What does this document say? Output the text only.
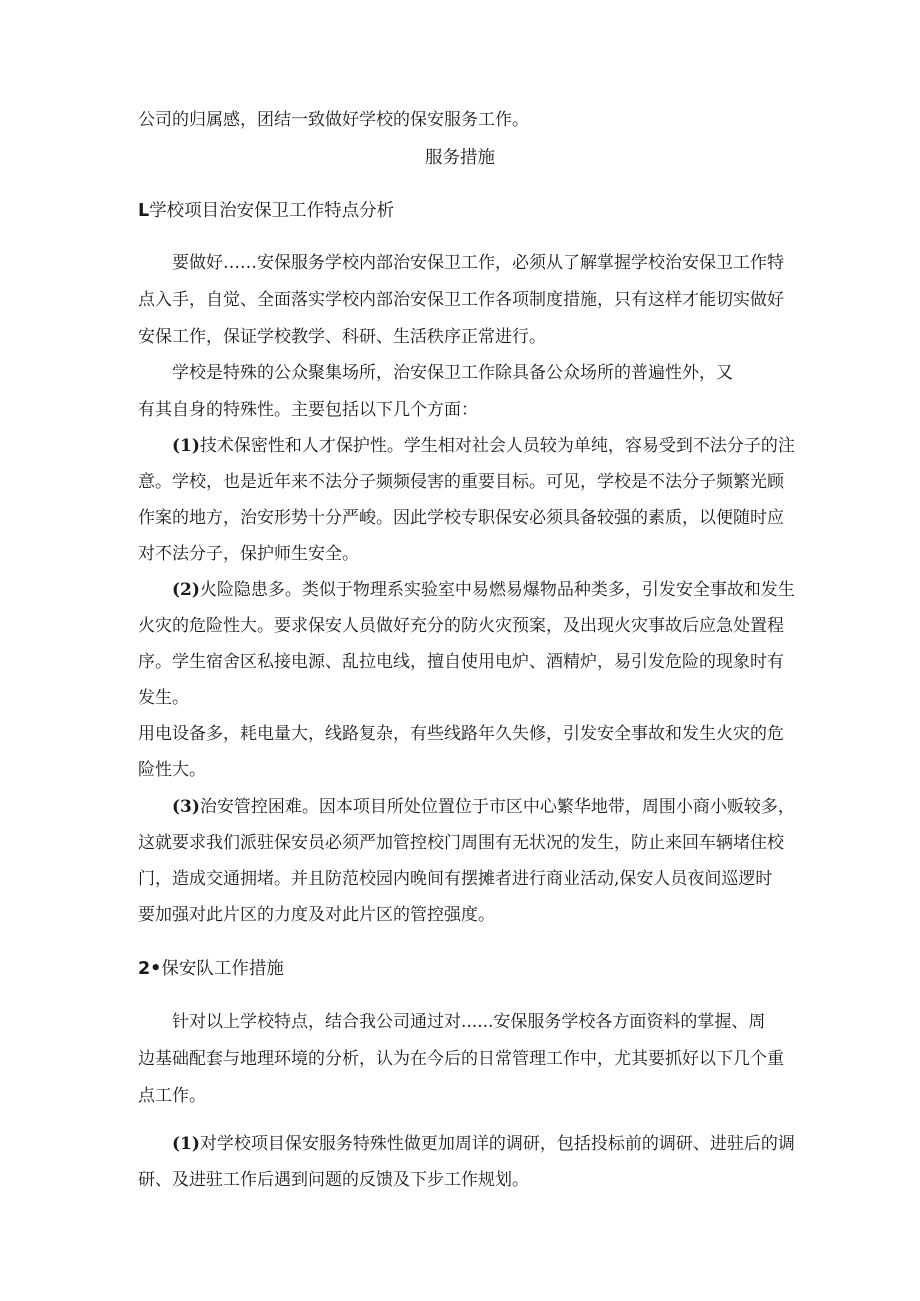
公司的归属感，团结一致做好学校的保安服务工作。
服务措施
L学校项目治安保卫工作特点分析
要做好……安保服务学校内部治安保卫工作，必须从了解掌握学校治安保卫工作特
点入手，自觉、全面落实学校内部治安保卫工作各项制度措施，只有这样才能切实做好
安保工作，保证学校教学、科研、生活秩序正常进行。
学校是特殊的公众聚集场所，治安保卫工作除具备公众场所的普遍性外，又
有其自身的特殊性。主要包括以下几个方面：
(1)技术保密性和人才保护性。学生相对社会人员较为单纯，容易受到不法分子的注
意。学校，也是近年来不法分子频频侵害的重要目标。可见，学校是不法分子频繁光顾
作案的地方，治安形势十分严峻。因此学校专职保安必须具备较强的素质，以便随时应
对不法分子，保护师生安全。
(2)火险隐患多。类似于物理系实验室中易燃易爆物品种类多，引发安全事故和发生
火灾的危险性大。要求保安人员做好充分的防火灾预案，及出现火灾事故后应急处置程
序。学生宿舍区私接电源、乱拉电线，擅自使用电炉、酒精炉，易引发危险的现象时有
发生。
用电设备多，耗电量大，线路复杂，有些线路年久失修，引发安全事故和发生火灾的危
险性大。
(3)治安管控困难。因本项目所处位置位于市区中心繁华地带，周围小商小贩较多，
这就要求我们派驻保安员必须严加管控校门周围有无状况的发生，防止来回车辆堵住校
门，造成交通拥堵。并且防范校园内晚间有摆摊者进行商业活动,保安人员夜间巡逻时
要加强对此片区的力度及对此片区的管控强度。
2•保安队工作措施
针对以上学校特点，结合我公司通过对......安保服务学校各方面资料的掌握、周
边基础配套与地理环境的分析，认为在今后的日常管理工作中，尤其要抓好以下几个重
点工作。
(1)对学校项目保安服务特殊性做更加周详的调研，包括投标前的调研、进驻后的调
研、及进驻工作后遇到问题的反馈及下步工作规划。
